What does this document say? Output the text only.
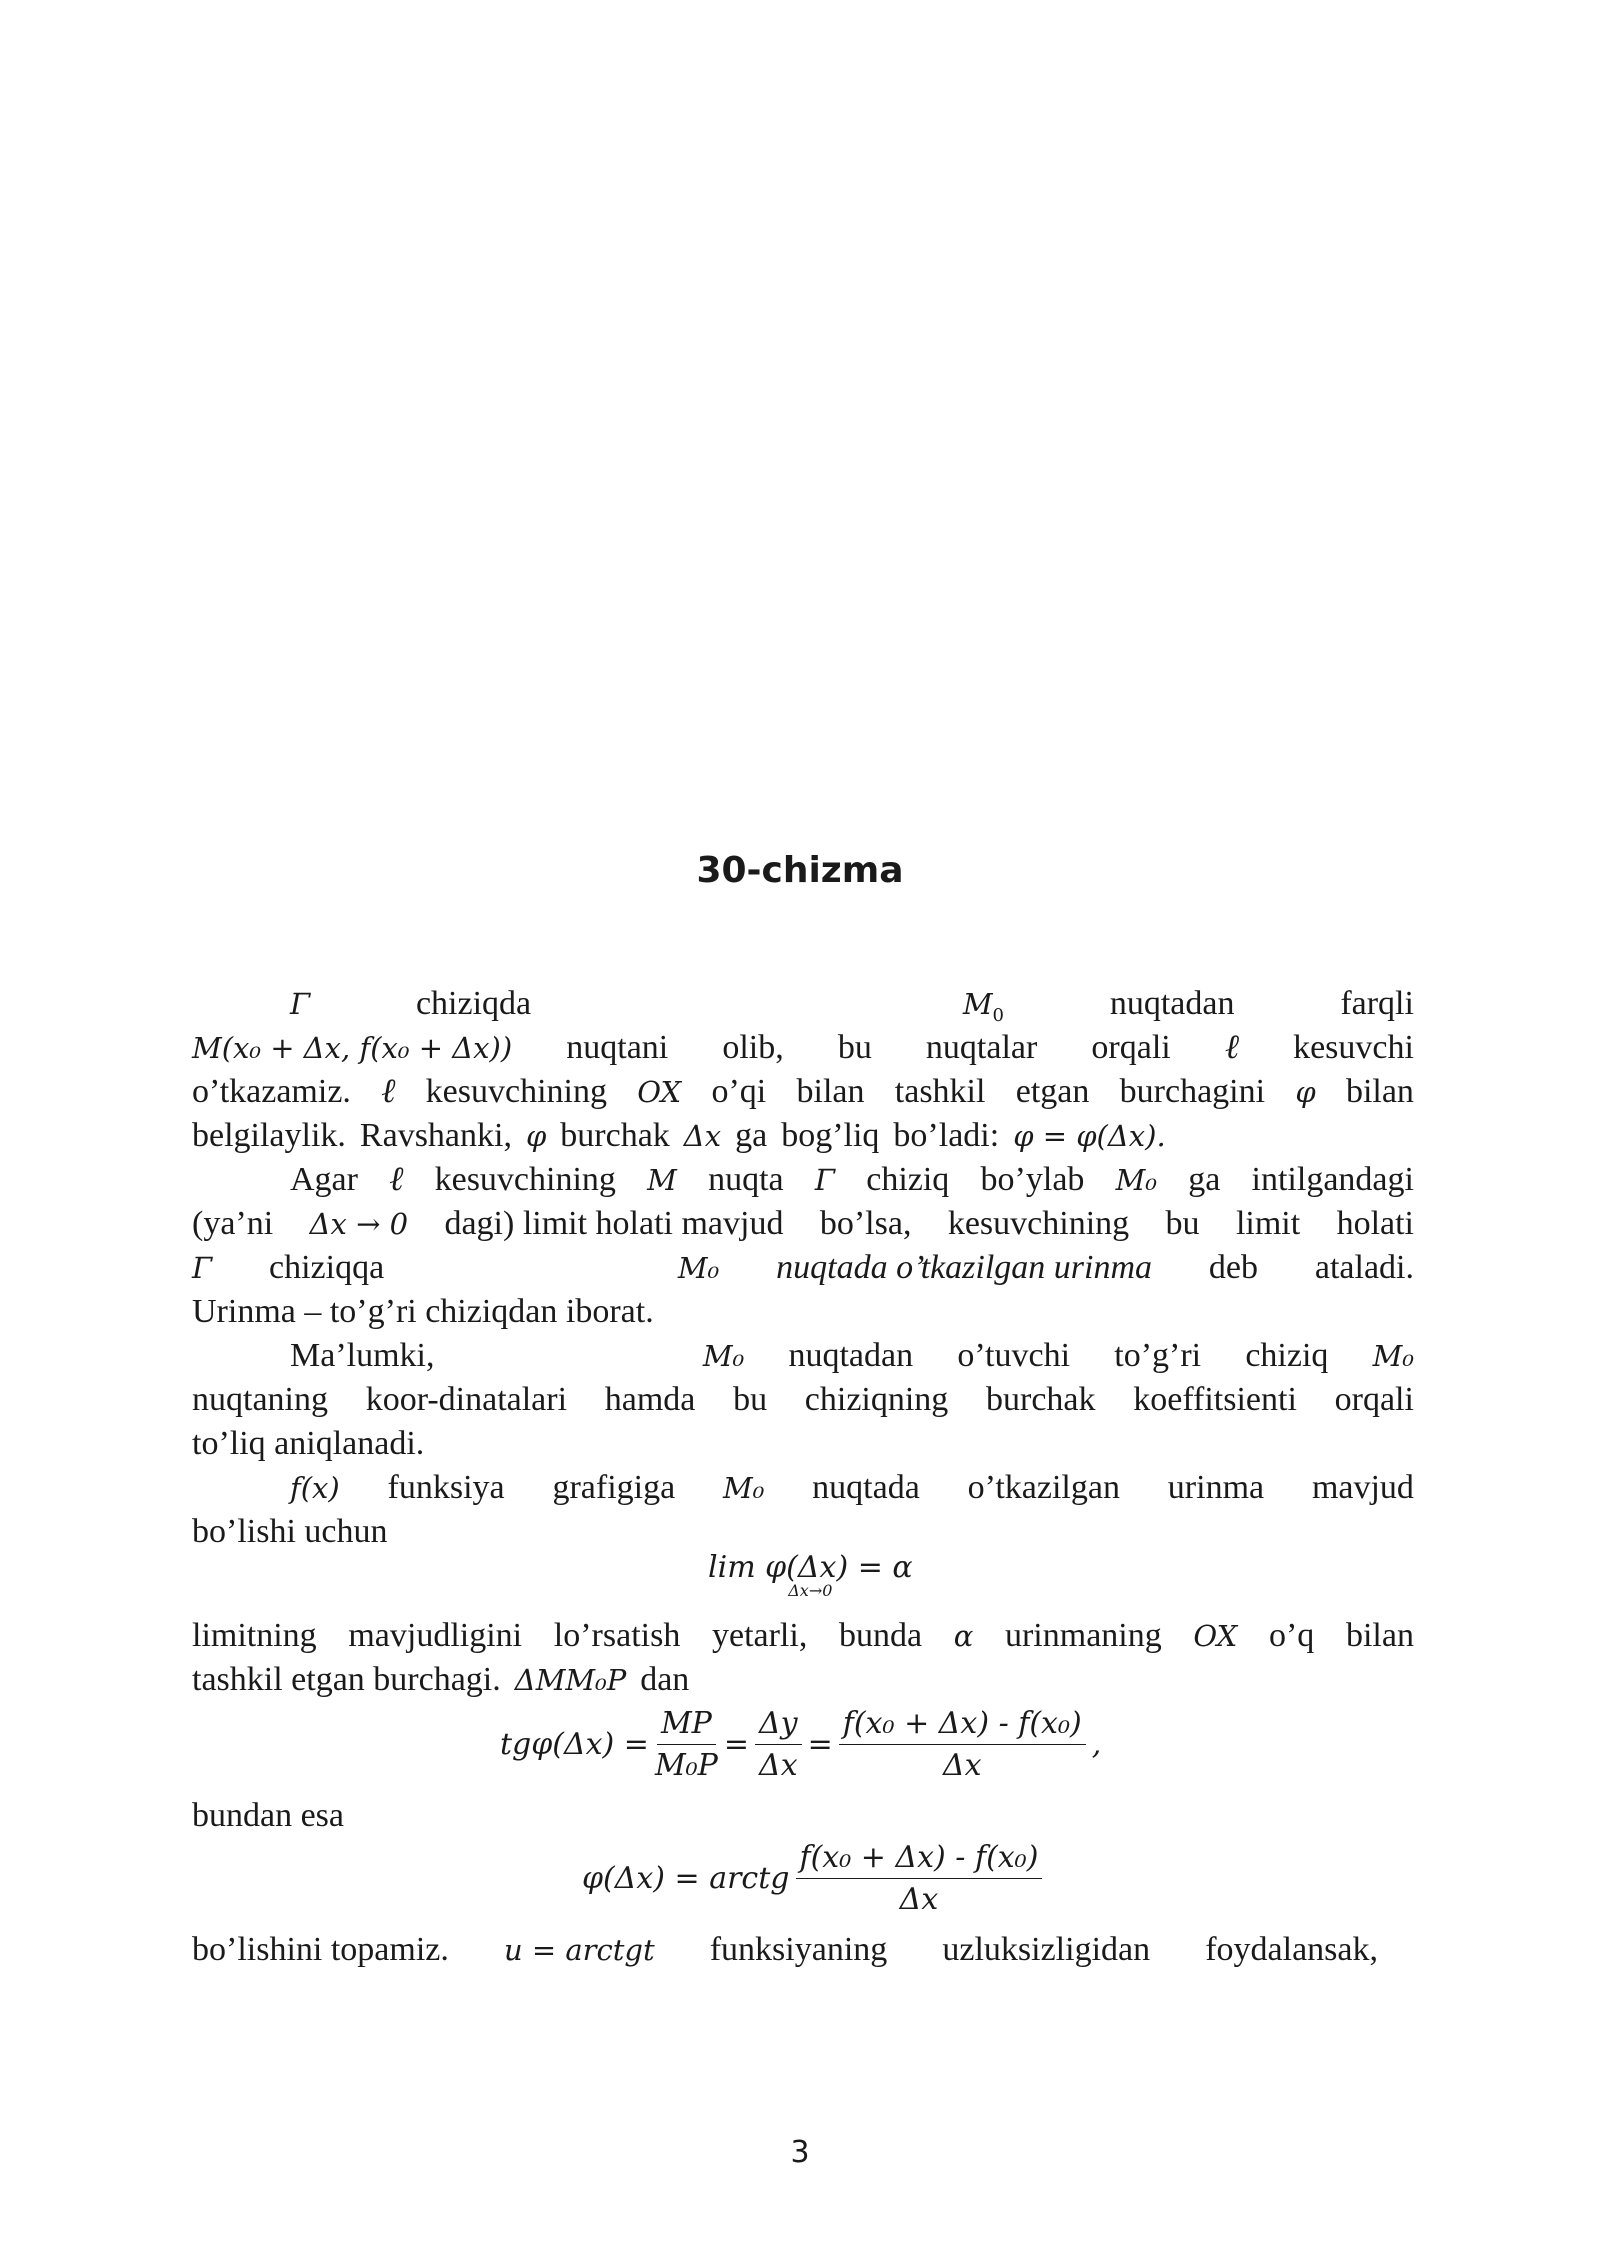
30-chizma
Γ	chiziqda	$M_0$	nuqtadan	farqli
M(x₀ + Δx, f(x₀ + Δx)) nuqtani olib, bu nuqtalar orqali ℓ kesuvchi
o’tkazamiz. ℓ kesuvchining OX o’qi bilan tashkil etgan burchagini φ bilan
belgilaylik. Ravshanki, φ burchak Δx ga bog’liq bo’ladi: φ = φ(Δx).
Agar ℓ kesuvchining M nuqta Γ chiziq bo’ylab M₀ ga intilgandagi
(ya’ni Δx → 0 dagi) limit holati mavjud bo’lsa, kesuvchining bu limit holati
Γ chiziqqa	M₀ nuqtada o’tkazilgan urinma deb ataladi.
Urinma – to’g’ri chiziqdan iborat.
Ma’lumki,	M₀ nuqtadan o’tuvchi to’g’ri chiziq M₀
nuqtaning koor-dinatalari hamda bu chiziqning burchak koeffitsienti orqali
to’liq aniqlanadi.
f(x) funksiya grafigiga M₀ nuqtada o’tkazilgan urinma mavjud
bo’lishi uchun
lim φ(Δx) = α
Δx→0
limitning mavjudligini lo’rsatish yetarli, bunda α urinmaning OX o’q bilan
tashkil etgan burchagi. ΔMM₀P dan
$tg\varphi(\Delta x) = \frac{MP}{\text{M₀P}} = \frac{\Delta y}{\Delta x} = \frac{\text{f(x₀ + Δx) - f(x₀)}}{\Delta x}$ ,
bundan esa
φ(Δx) = arctg $\frac{\text{f(x₀ + Δx) - f(x₀)}}{\Delta x}$
bo’lishini topamiz. u = arctgt funksiyaning uzluksizligidan foydalansak,
3
